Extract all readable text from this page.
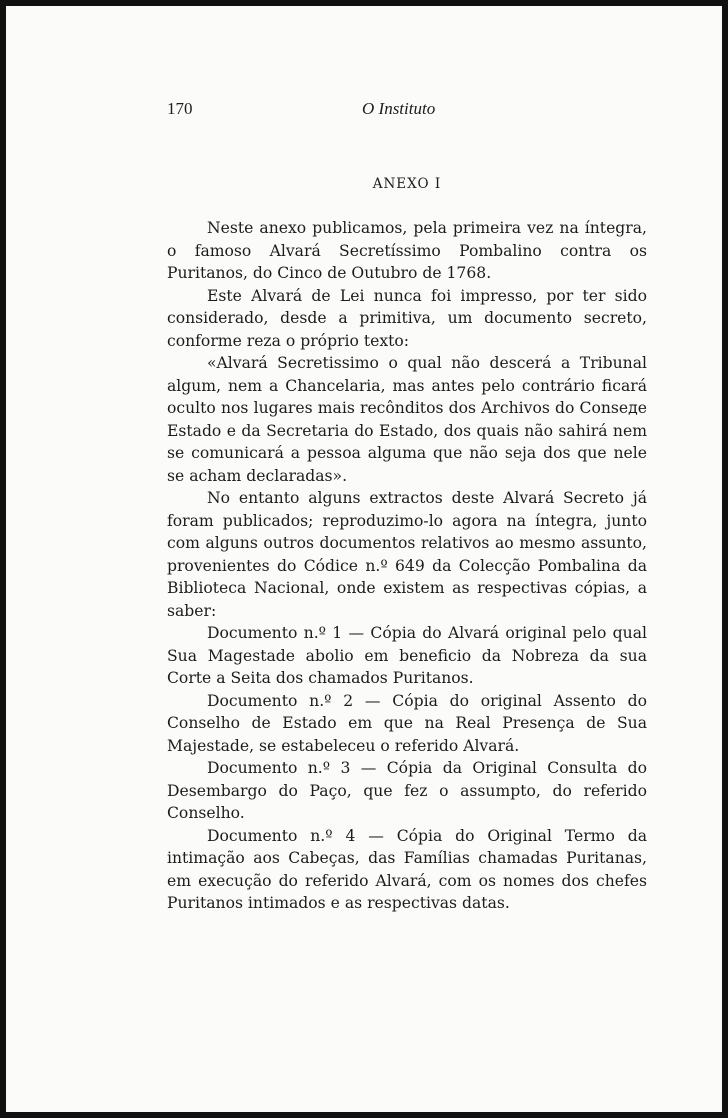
170	O Instituto
ANEXO I

Neste anexo publicamos, pela primeira vez na íntegra, o famoso Alvará Secretíssimo Pombalino contra os Puritanos, do Cinco de Outubro de 1768.

Este Alvará de Lei nunca foi impresso, por ter sido considerado, desde a primitiva, um documento secreto, conforme reza o próprio texto:

«Alvará Secretissimo o qual não descerá a Tribunal algum, nem a Chancelaria, mas antes pelo contrário ficará oculto nos lugares mais recônditos dos Archivos do Conseде Estado e da Secretaria do Estado, dos quais não sahirá nem se comunicará a pessoa alguma que não seja dos que nele se acham declaradas».

No entanto alguns extractos deste Alvará Secreto já foram publicados; reproduzimo-lo agora na íntegra, junto com alguns outros documentos relativos ao mesmo assunto, provenientes do Códice n.º 649 da Colecção Pombalina da Biblioteca Nacional, onde existem as respectivas cópias, a saber:

Documento n.º 1 — Cópia do Alvará original pelo qual Sua Magestade abolio em beneficio da Nobreza da sua Corte a Seita dos chamados Puritanos.

Documento n.º 2 — Cópia do original Assento do Conselho de Estado em que na Real Presença de Sua Majestade, se estabeleceu o referido Alvará.

Documento n.º 3 — Cópia da Original Consulta do Desembargo do Paço, que fez o assumpto, do referido Conselho.

Documento n.º 4 — Cópia do Original Termo da intimação aos Cabeças, das Famílias chamadas Puritanas, em execução do referido Alvará, com os nomes dos chefes Puritanos intimados e as respectivas datas.
